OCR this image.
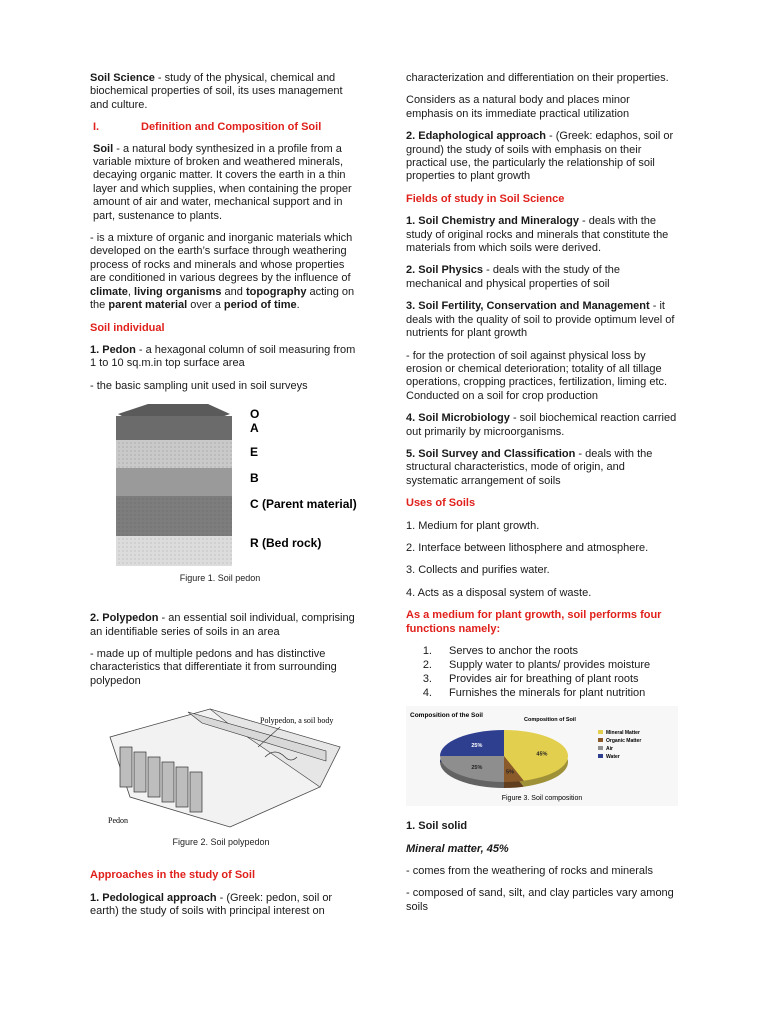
Soil Science - study of the physical, chemical and biochemical properties of soil, its uses management and culture.

I.	Definition and Composition of Soil

Soil - a natural body synthesized in a profile from a variable mixture of broken and weathered minerals, decaying organic matter. It covers the earth in a thin layer and which supplies, when containing the proper amount of air and water, mechanical support and in part, sustenance to plants.

- is a mixture of organic and inorganic materials which developed on the earth’s surface through weathering process of rocks and minerals and whose properties are conditioned in various degrees by the influence of climate, living organisms and topography acting on the parent material over a period of time.

Soil individual

1. Pedon - a hexagonal column of soil measuring from 1 to 10 sq.m.in top surface area

- the basic sampling unit used in soil surveys

O
A
E
B
C (Parent material)
R (Bed rock)
Figure 1. Soil pedon

2. Polypedon - an essential soil individual, comprising an identifiable series of soils in an area

- made up of multiple pedons and has distinctive characteristics that differentiate it from surrounding polypedon

Polypedon, a soil body
Pedon
Figure 2. Soil polypedon

Approaches in the study of Soil

1. Pedological approach - (Greek: pedon, soil or earth) the study of soils with principal interest on

characterization and differentiation on their properties.

Considers as a natural body and places minor emphasis on its immediate practical utilization

2. Edaphological approach - (Greek: edaphos, soil or ground) the study of soils with emphasis on their practical use, the particularly the relationship of soil properties to plant growth

Fields of study in Soil Science

1. Soil Chemistry and Mineralogy - deals with the study of original rocks and minerals that constitute the materials from which soils were derived.

2. Soil Physics - deals with the study of the mechanical and physical properties of soil

3. Soil Fertility, Conservation and Management - it deals with the quality of soil to provide optimum level of nutrients for plant growth

- for the protection of soil against physical loss by erosion or chemical deterioration; totality of all tillage operations, cropping practices, fertilization, liming etc. Conducted on a soil for crop production

4. Soil Microbiology - soil biochemical reaction carried out primarily by microorganisms.

5. Soil Survey and Classification - deals with the structural characteristics, mode of origin, and systematic arrangement of soils

Uses of Soils

1. Medium for plant growth.

2. Interface between lithosphere and atmosphere.

3. Collects and purifies water.

4. Acts as a disposal system of waste.

As a medium for plant growth, soil performs four functions namely:

1. Serves to anchor the roots
2. Supply water to plants/ provides moisture
3. Provides air for breathing of plant roots
4. Furnishes the minerals for plant nutrition
Composition of the Soil
Composition of Soil
45%
5%
25%
25%
Mineral Matter
Organic Matter
Air
Water
Figure 3. Soil composition

1. Soil solid

Mineral matter, 45%

- comes from the weathering of rocks and minerals

- composed of sand, silt, and clay particles vary among soils
